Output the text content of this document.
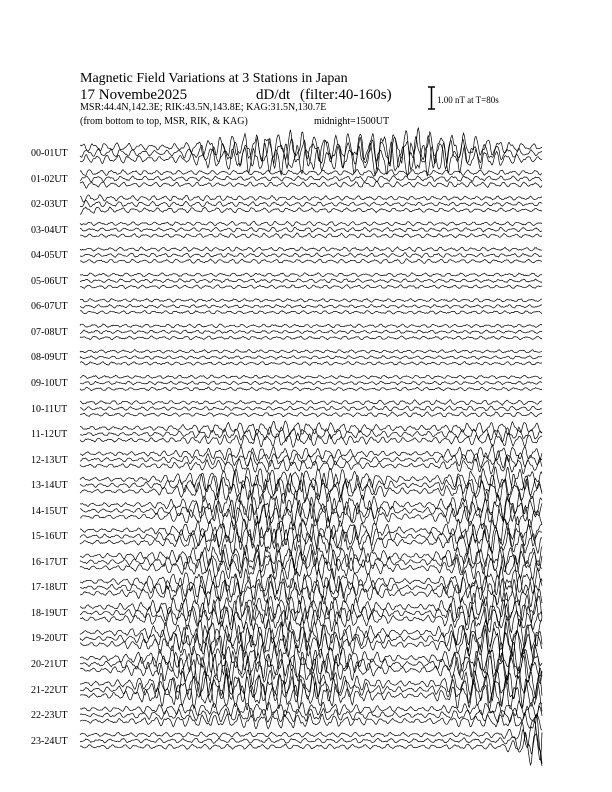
Magnetic Field Variations at 3 Stations in Japan
17 Novembe2025	dD/dt (filter:40-160s)
MSR:44.4N,142.3E; RIK:43.5N,143.8E; KAG:31.5N,130.7E
(from bottom to top, MSR, RIK, & KAG)	midnight=1500UT
1.00 nT at T=80s
00-01UT
01-02UT
02-03UT
03-04UT
04-05UT
05-06UT
06-07UT
07-08UT
08-09UT
09-10UT
10-11UT
11-12UT
12-13UT
13-14UT
14-15UT
15-16UT
16-17UT
17-18UT
18-19UT
19-20UT
20-21UT
21-22UT
22-23UT
23-24UT
